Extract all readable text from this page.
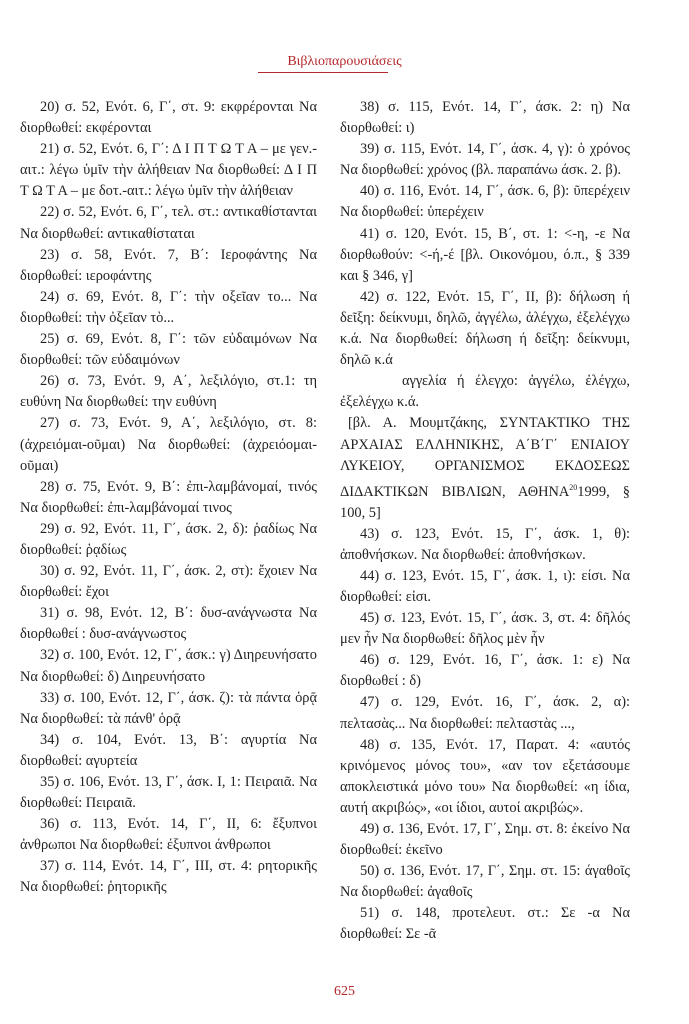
Βιβλιοπαρουσιάσεις

20) σ. 52, Ενότ. 6, Γ΄, στ. 9: εκφρέρονται Να διορθωθεί: εκφέρονται

21) σ. 52, Ενότ. 6, Γ΄: Δ Ι Π Τ Ω Τ Α – με γεν.-αιτ.: λέγω ὑμῖν τὴν ἀλήθειαν Να διορθωθεί: Δ Ι Π Τ Ω Τ Α – με δοτ.-αιτ.: λέγω ὑμῖν τὴν ἀλήθειαν

22) σ. 52, Ενότ. 6, Γ΄, τελ. στ.: αντικαθίστανται Να διορθωθεί: αντικαθίσταται

23) σ. 58, Ενότ. 7, Β΄: Ιεροφάντης Να διορθωθεί: ιεροφάντης

24) σ. 69, Ενότ. 8, Γ΄: τὴν οξεῖαν το... Να διορθωθεί: τὴν ὀξεῖαν τὸ...

25) σ. 69, Ενότ. 8, Γ΄: τῶν εὐδαιμόνων Να διορθωθεί: τῶν εὐδαιμόνων

26) σ. 73, Ενότ. 9, Α΄, λεξιλόγιο, στ.1: τη ευθύνη Να διορθωθεί: την ευθύνη

27) σ. 73, Ενότ. 9, Α΄, λεξιλόγιο, στ. 8: (ἀχρειόμαι-οῦμαι) Να διορθωθεί: (ἀχρειόομαι-οῦμαι)

28) σ. 75, Ενότ. 9, Β΄: ἐπι-λαμβάνομαί, τινός Να διορθωθεί: ἐπι-λαμβάνομαί τινος

29) σ. 92, Ενότ. 11, Γ΄, άσκ. 2, δ): ῥαδίως Να διορθωθεί: ῥᾳδίως

30) σ. 92, Ενότ. 11, Γ΄, άσκ. 2, στ): ἔχοιεν Να διορθωθεί: ἔχοι

31) σ. 98, Ενότ. 12, Β΄: δυσ-ανάγνωστα Να διορθωθεί : δυσ-ανάγνωστος

32) σ. 100, Ενότ. 12, Γ΄, άσκ.: γ) Διηρευνήσατο Να διορθωθεί: δ) Διηρευνήσατο

33) σ. 100, Ενότ. 12, Γ΄, άσκ. ζ): τὰ πάντα ὁρᾷ Να διορθωθεί: τὰ πάνθ' ὁρᾷ

34) σ. 104, Ενότ. 13, Β΄: αγυρτία Να διορθωθεί: αγυρτεία

35) σ. 106, Ενότ. 13, Γ΄, άσκ. Ι, 1: Πειραιᾶ. Να διορθωθεί: Πειραιᾶ.

36) σ. 113, Ενότ. 14, Γ΄, ΙΙ, 6: ἔξυπνοι ἀνθρωποι Να διορθωθεί: έξυπνοι άνθρωποι

37) σ. 114, Ενότ. 14, Γ΄, ΙΙΙ, στ. 4: ρητορικῆς Να διορθωθεί: ῥητορικῆς

38) σ. 115, Ενότ. 14, Γ΄, άσκ. 2: η) Να διορθωθεί: ι)

39) σ. 115, Ενότ. 14, Γ΄, άσκ. 4, γ): ὁ χρόνος Να διορθωθεί: χρόνος (βλ. παραπάνω άσκ. 2. β).

40) σ. 116, Ενότ. 14, Γ΄, άσκ. 6, β): ῦπερέχειν Να διορθωθεί: ὑπερέχειν

41) σ. 120, Ενότ. 15, Β΄, στ. 1: <-η, -ε Να διορθωθούν: <-ή,-έ [βλ. Οικονόμου, ό.π., § 339 και § 346, γ]

42) σ. 122, Ενότ. 15, Γ΄, ΙΙ, β): δήλωση ή δεῖξη: δείκνυμι, δηλῶ, ἀγγέλω, ἀλέγχω, ἐξελέγχω κ.ά. Να διορθωθεί: δήλωση ή δεῖξη: δείκνυμι, δηλῶ κ.ά

αγγελία ή έλεγχο: ἀγγέλω, ἐλέγχω, ἐξελέγχω κ.ά.

[βλ. Α. Μουμτζάκης, ΣΥΝΤΑΚΤΙΚΟ ΤΗΣ ΑΡΧΑΙΑΣ ΕΛΛΗΝΙΚΗΣ, Α΄Β΄Γ΄ ΕΝΙΑΙΟΥ ΛΥΚΕΙΟΥ, ΟΡΓΑΝΙΣΜΟΣ ΕΚΔΟΣΕΩΣ ΔΙΔΑΚΤΙΚΩΝ ΒΙΒΛΙΩΝ, ΑΘΗΝΑ$^{20}$1999, § 100, 5]

43) σ. 123, Ενότ. 15, Γ΄, άσκ. 1, θ): ἀποθνήσκων. Να διορθωθεί: ἀποθνήσκων.

44) σ. 123, Ενότ. 15, Γ΄, άσκ. 1, ι): είσι. Να διορθωθεί: εἰσι.

45) σ. 123, Ενότ. 15, Γ΄, άσκ. 3, στ. 4: δῆλός μεν ἦν Να διορθωθεί: δῆλος μὲν ἦν

46) σ. 129, Ενότ. 16, Γ΄, άσκ. 1: ε) Να διορθωθεί : δ)

47) σ. 129, Ενότ. 16, Γ΄, άσκ. 2, α): πελτασὰς... Να διορθωθεί: πελταστὰς ...,

48) σ. 135, Ενότ. 17, Παρατ. 4: «αυτός κρινόμενος μόνος του», «αν τον εξετάσουμε αποκλειστικά μόνο του» Να διορθωθεί: «η ίδια, αυτή ακριβώς», «οι ίδιοι, αυτοί ακριβώς».

49) σ. 136, Ενότ. 17, Γ΄, Σημ. στ. 8: ἐκείνο Να διορθωθεί: ἐκεῖνο

50) σ. 136, Ενότ. 17, Γ΄, Σημ. στ. 15: άγαθοῖς Να διορθωθεί: ἀγαθοῖς

51) σ. 148, προτελευτ. στ.: Σε -α Να διορθωθεί: Σε -ᾶ

625
